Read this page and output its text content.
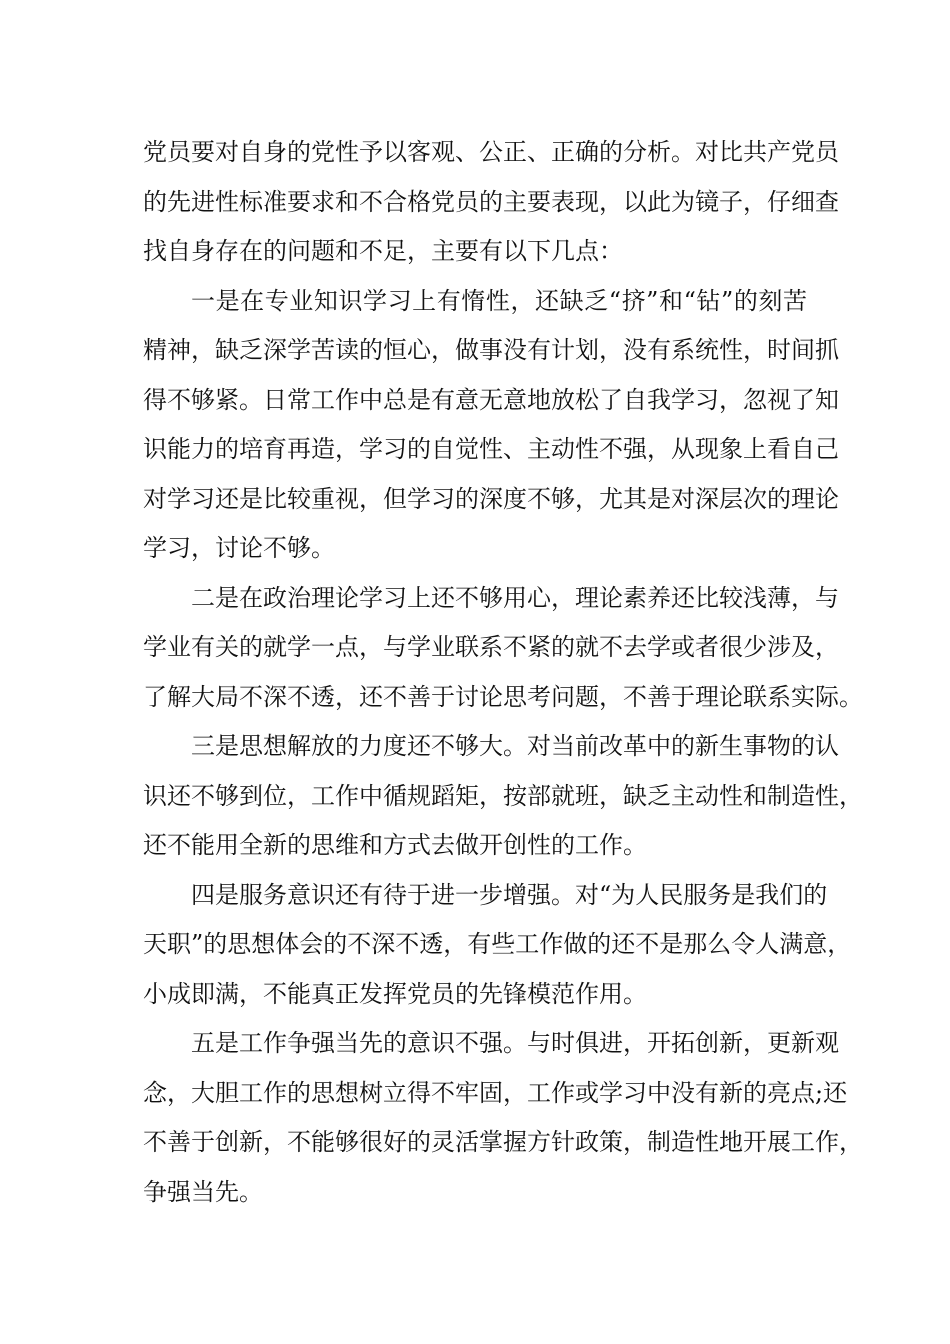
党员要对自身的党性予以客观、公正、正确的分析。对比共产党员
的先进性标准要求和不合格党员的主要表现，以此为镜子，仔细查
找自身存在的问题和不足，主要有以下几点：
一是在专业知识学习上有惰性，还缺乏“挤”和“钻”的刻苦
精神，缺乏深学苦读的恒心，做事没有计划，没有系统性，时间抓
得不够紧。日常工作中总是有意无意地放松了自我学习，忽视了知
识能力的培育再造，学习的自觉性、主动性不强，从现象上看自己
对学习还是比较重视，但学习的深度不够，尤其是对深层次的理论
学习，讨论不够。
二是在政治理论学习上还不够用心，理论素养还比较浅薄，与
学业有关的就学一点，与学业联系不紧的就不去学或者很少涉及，
了解大局不深不透，还不善于讨论思考问题，不善于理论联系实际。
三是思想解放的力度还不够大。对当前改革中的新生事物的认
识还不够到位，工作中循规蹈矩，按部就班，缺乏主动性和制造性，
还不能用全新的思维和方式去做开创性的工作。
四是服务意识还有待于进一步增强。对“为人民服务是我们的
天职”的思想体会的不深不透，有些工作做的还不是那么令人满意，
小成即满，不能真正发挥党员的先锋模范作用。
五是工作争强当先的意识不强。与时俱进，开拓创新，更新观
念，大胆工作的思想树立得不牢固，工作或学习中没有新的亮点;还
不善于创新，不能够很好的灵活掌握方针政策，制造性地开展工作，
争强当先。
